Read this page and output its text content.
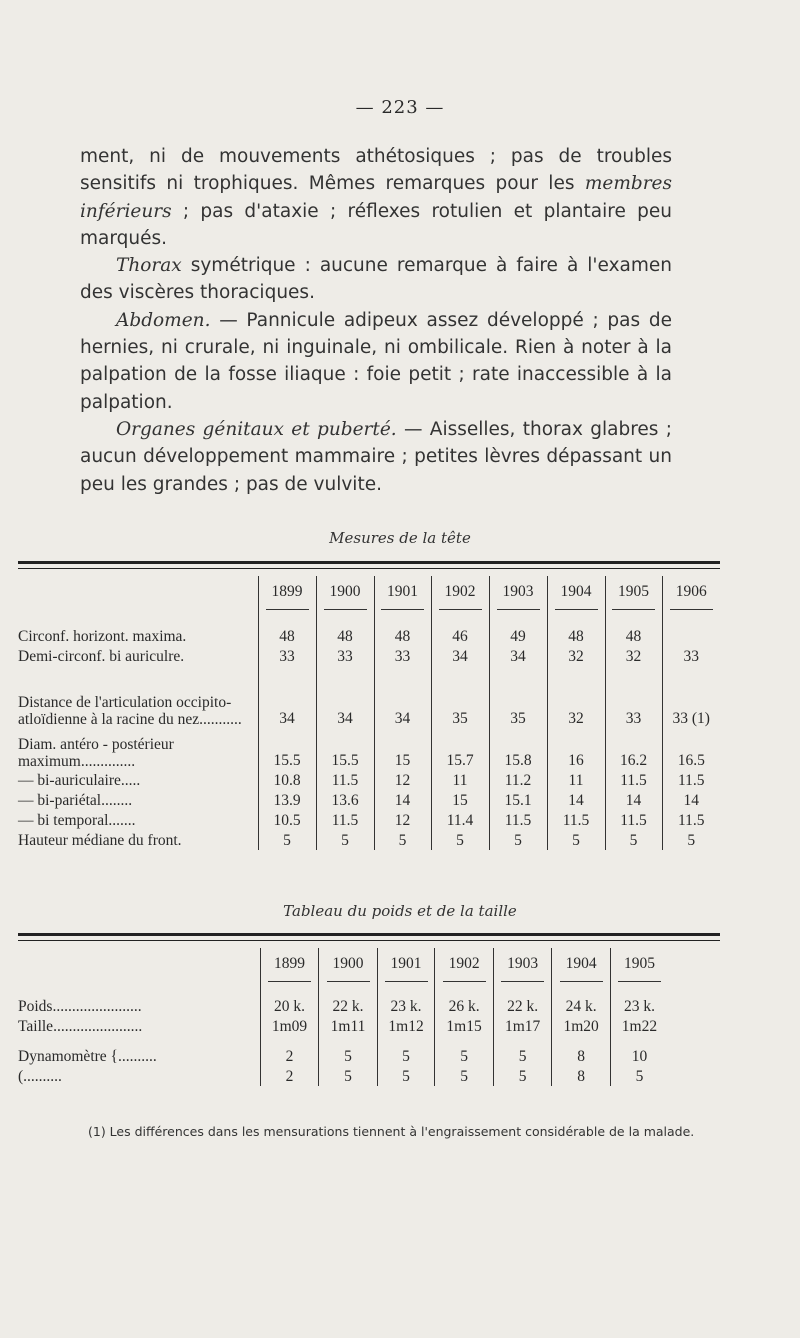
— 223 —

ment, ni de mouvements athétosiques ; pas de troubles sensitifs ni trophiques. Mêmes remarques pour les membres inférieurs ; pas d'ataxie ; réflexes rotulien et plantaire peu marqués.

Thorax symétrique : aucune remarque à faire à l'examen des viscères thoraciques.

Abdomen. — Pannicule adipeux assez développé ; pas de hernies, ni crurale, ni inguinale, ni ombilicale. Rien à noter à la palpation de la fosse iliaque : foie petit ; rate inaccessible à la palpation.

Organes génitaux et puberté. — Aisselles, thorax glabres ; aucun développement mammaire ; petites lèvres dépassant un peu les grandes ; pas de vulvite.

Mesures de la tête
	1899	1900	1901	1902	1903	1904	1905	1906
Circonf. horizont. maxima.	48	48	48	46	49	48	48	
Demi-circonf. bi auriculre.	33	33	33	34	34	32	32	33
Distance de l'articulation occipito-atloïdienne à la racine du nez...........	34	34	34	35	35	32	33	33 (1)
Diam. antéro - postérieur maximum..............	15.5	15.5	15	15.7	15.8	16	16.2	16.5
— bi-auriculaire.....	10.8	11.5	12	11	11.2	11	11.5	11.5
— bi-pariétal........	13.9	13.6	14	15	15.1	14	14	14
— bi temporal.......	10.5	11.5	12	11.4	11.5	11.5	11.5	11.5
Hauteur médiane du front.	5	5	5	5	5	5	5	5
Tableau du poids et de la taille
	1899	1900	1901	1902	1903	1904	1905
Poids.......................	20 k.	22 k.	23 k.	26 k.	22 k.	24 k.	23 k.
Taille.......................	1m09	1m11	1m12	1m15	1m17	1m20	1m22
Dynamomètre {..........	2	5	5	5	5	8	10
(..........	2	5	5	5	5	8	5
(1) Les différences dans les mensurations tiennent à l'engraissement considérable de la malade.
